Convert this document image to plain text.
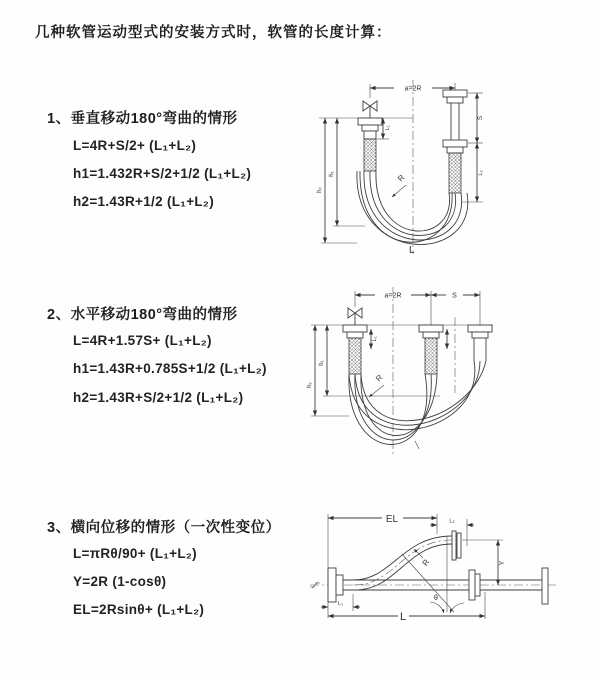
几种软管运动型式的安装方式时，软管的长度计算：
1、垂直移动180°弯曲的情形
L=4R+S/2+ (L₁+L₂)
h1=1.432R+S/2+1/2 (L₁+L₂)
h2=1.43R+1/2 (L₁+L₂)
2、水平移动180°弯曲的情形
L=4R+1.57S+ (L₁+L₂)
h1=1.43R+0.785S+1/2 (L₁+L₂)
h2=1.43R+S/2+1/2 (L₁+L₂)
3、横向位移的情形（一次性变位）
L=πRθ/90+ (L₁+L₂)
Y=2R (1-cosθ)
EL=2Rsinθ+ (L₁+L₂)
a=2R
L₁
S
L₂
h₁
h₂
R
L
a=2R	S
L₁
h₁
h₂
R
EL	L₂
Y
θ
R
L₁
L
